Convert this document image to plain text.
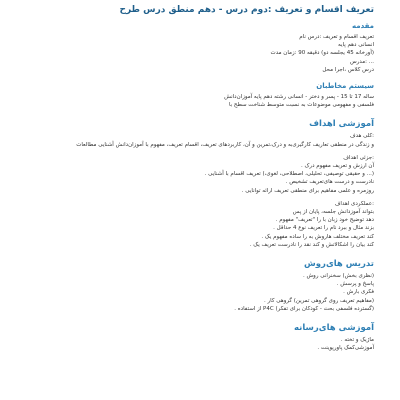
تعریف اقسام و تعریف :دوم درس - دهم منطق درس طرح
مقدمه

تعریف اقسام و تعریف :درس نام

انسانی دهم پایه

(آورخانه 45 یجلسه دو) دقیقه 90 :زمان مدت

... :مدرس

درس کلاس ،اجرا محل

سیستم مخاطبان

ساله 17 تا 15 - پسر و دختر - انسانی رشته دهم پایه آموزان‌دانش

فلسفی و مفهومی موضوعات به نسبت متوسط شناخت سطح با

آموزشی اهداف

:کلی هدف

و زندگی در منطقی تعاریف کارگیری‌به و درک،تمرین و آن، کاربردهای تعریف، اقسام تعریف، مفهوم با آموزان‌دانش آشنایی مطالعات

:جزئی اهداف

آن ارزش و تعریف مفهوم درک .

(... و حقیقی توصیفی، تحلیلی، اصطلاحی، لغوی،) تعریف اقسام با آشنایی .

نادرست و درست های‌تعریف تشخیص .

روزمره و علمی مفاهیم برای منطقی تعریف ارائه توانایی .

:عملکردی اهداف

بتواند آموز‌دانش جلسه، پایان از پس

دهد توضیح خود زبان با را "تعریف" مفهوم .

بزند مثال و ببرد نام را تعریف نوع 4 حداقل .

کند تعریف مختلف هاروش به را ساده مفهوم یک .

کند بیان را اشکالاتش و کند نقد را نادرست تعریف یک .

تدریس های‌روش

(نظری بخش) سخنرانی روش .

پاسخ و پرسش .

فکری بارش .

(مفاهیم تعریف روی گروهی تمرین) گروهی کار .

(گسترده فلسفی بحث - کودکان برای تفکر) P4C از استفاده .

آموزشی های‌رسانه

ماژیک و تخته .

آموزشی‌کمک پاورپوینت .
